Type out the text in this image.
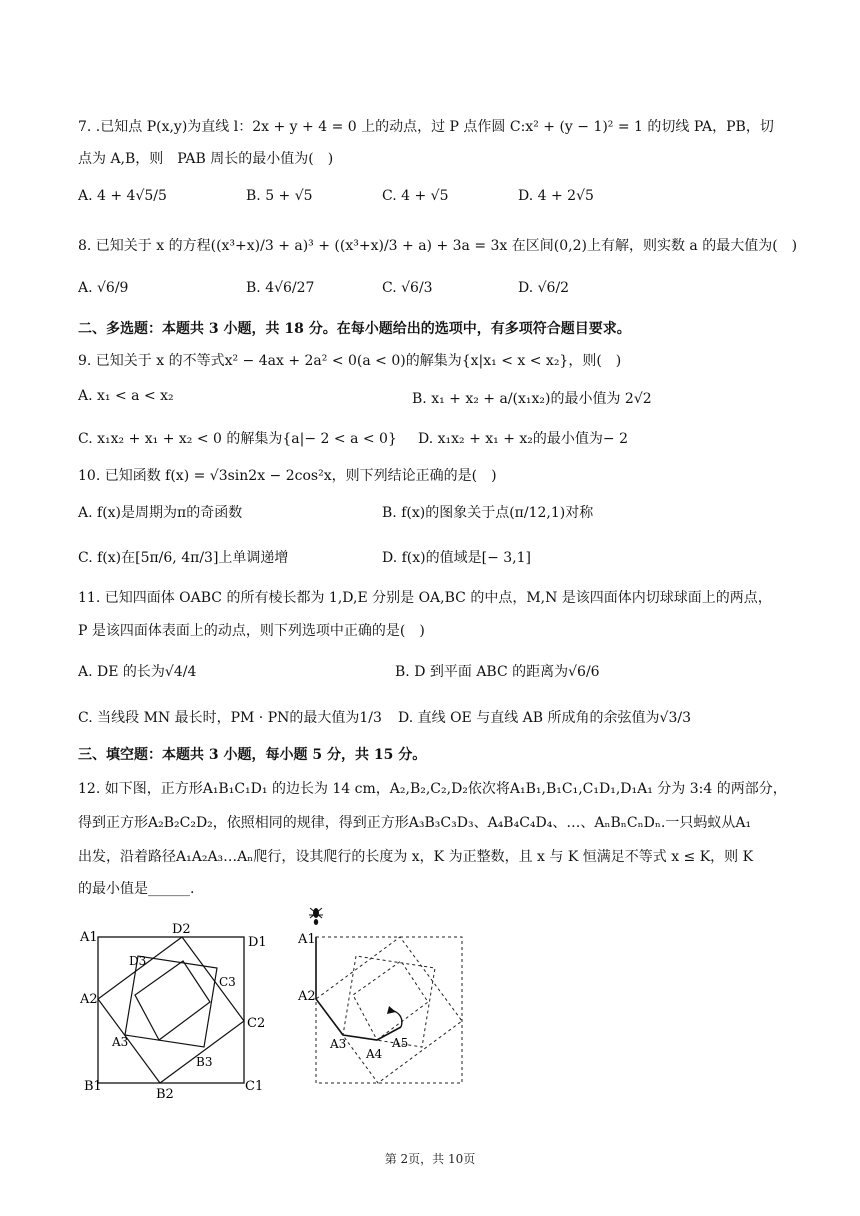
7. .已知点 P(x,y)为直线 l：2x + y + 4 = 0 上的动点，过 P 点作圆 C:x² + (y − 1)² = 1 的切线 PA，PB，切
点为 A,B，则　PAB 周长的最小值为(　)
A. 4 + 4√5/5	B. 5 + √5	C. 4 + √5	D. 4 + 2√5
8. 已知关于 x 的方程((x³+x)/3 + a)³ + ((x³+x)/3 + a) + 3a = 3x 在区间(0,2)上有解，则实数 a 的最大值为(　)
A. √6/9	B. 4√6/27	C. √6/3	D. √6/2
二、多选题：本题共 3 小题，共 18 分。在每小题给出的选项中，有多项符合题目要求。
9. 已知关于 x 的不等式x² − 4ax + 2a² < 0(a < 0)的解集为{x|x₁ < x < x₂}，则(　)
A. x₁ < a < x₂	B. x₁ + x₂ + a/(x₁x₂)的最小值为 2√2
C. x₁x₂ + x₁ + x₂ < 0 的解集为{a|− 2 < a < 0} D. x₁x₂ + x₁ + x₂的最小值为− 2
10. 已知函数 f(x) = √3sin2x − 2cos²x，则下列结论正确的是(　)
A. f(x)是周期为π的奇函数	B. f(x)的图象关于点(π/12,1)对称
C. f(x)在[5π/6, 4π/3]上单调递增	D. f(x)的值域是[− 3,1]
11. 已知四面体 OABC 的所有棱长都为 1,D,E 分别是 OA,BC 的中点，M,N 是该四面体内切球球面上的两点，
P 是该四面体表面上的动点，则下列选项中正确的是(　)
A. DE 的长为√4/4	B. D 到平面 ABC 的距离为√6/6
C. 当线段 MN 最长时，PM · PN的最大值为1/3 D. 直线 OE 与直线 AB 所成角的余弦值为√3/3
三、填空题：本题共 3 小题，每小题 5 分，共 15 分。
12. 如下图，正方形A₁B₁C₁D₁ 的边长为 14 cm，A₂,B₂,C₂,D₂依次将A₁B₁,B₁C₁,C₁D₁,D₁A₁ 分为 3:4 的两部分，
得到正方形A₂B₂C₂D₂，依照相同的规律，得到正方形A₃B₃C₃D₃、A₄B₄C₄D₄、…、AₙBₙCₙDₙ.一只蚂蚁从A₁
出发，沿着路径A₁A₂A₃…Aₙ爬行，设其爬行的长度为 x，K 为正整数，且 x 与 K 恒满足不等式 x ≤ K，则 K
的最小值是______.
A1
D2
D1
D3
C3
A2
C2
A3
B3
B1
B2
C1
A1
A2
A3
A4
A5
第 2页，共 10页
